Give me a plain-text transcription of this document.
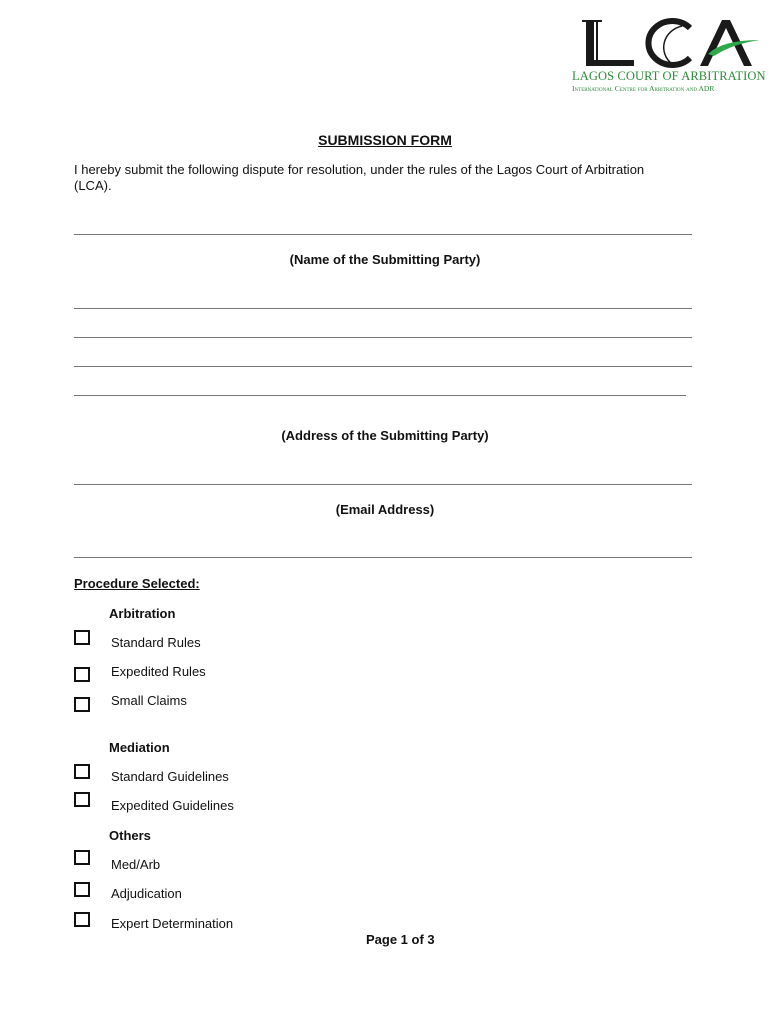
LAGOS COURT OF ARBITRATION
International Centre for Arbitration and ADR
SUBMISSION FORM
I hereby submit the following dispute for resolution, under the rules of the Lagos Court of Arbitration (LCA).
(Name of the Submitting Party)
(Address of the Submitting Party)
(Email Address)
Procedure Selected:
Arbitration
Standard Rules
Expedited Rules
Small Claims
Mediation
Standard Guidelines
Expedited Guidelines
Others
Med/Arb
Adjudication
Expert Determination
Page 1 of 3
